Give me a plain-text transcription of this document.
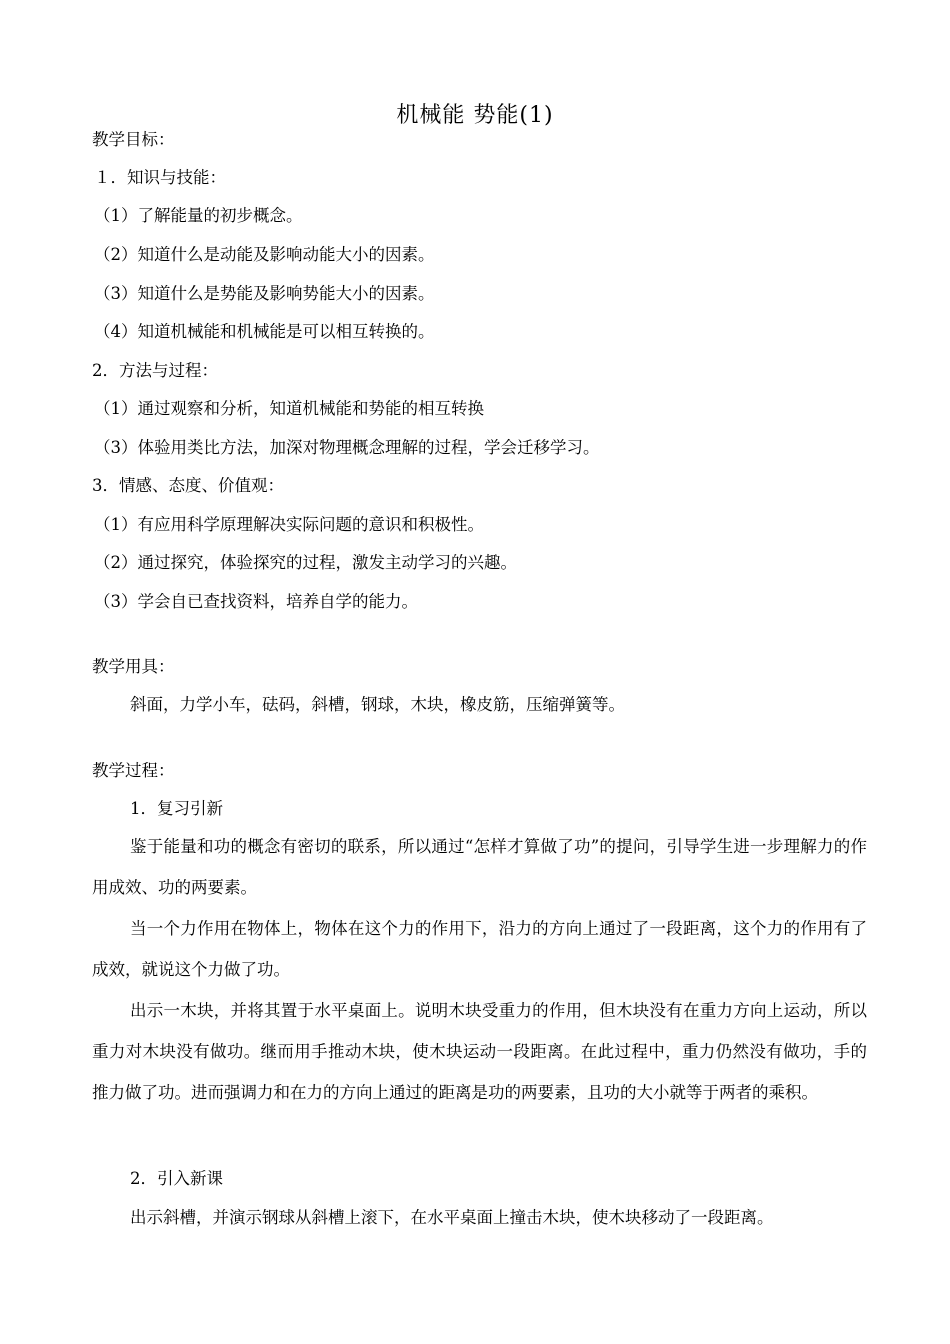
机械能 势能(1)
教学目标：
１．知识与技能：
（1）了解能量的初步概念。
（2）知道什么是动能及影响动能大小的因素。
（3）知道什么是势能及影响势能大小的因素。
（4）知道机械能和机械能是可以相互转换的。
2．方法与过程：
（1）通过观察和分析，知道机械能和势能的相互转换
（3）体验用类比方法，加深对物理概念理解的过程，学会迁移学习。
3．情感、态度、价值观：
（1）有应用科学原理解决实际问题的意识和积极性。
（2）通过探究，体验探究的过程，激发主动学习的兴趣。
（3）学会自已查找资料，培养自学的能力。
教学用具：
斜面，力学小车，砝码，斜槽，钢球，木块，橡皮筋，压缩弹簧等。
教学过程：
1．复习引新
鉴于能量和功的概念有密切的联系，所以通过“怎样才算做了功”的提问，引导学生进一步理解力的作用成效、功的两要素。
当一个力作用在物体上，物体在这个力的作用下，沿力的方向上通过了一段距离，这个力的作用有了成效，就说这个力做了功。
出示一木块，并将其置于水平桌面上。说明木块受重力的作用，但木块没有在重力方向上运动，所以重力对木块没有做功。继而用手推动木块，使木块运动一段距离。在此过程中，重力仍然没有做功，手的推力做了功。进而强调力和在力的方向上通过的距离是功的两要素，且功的大小就等于两者的乘积。
2．引入新课
出示斜槽，并演示钢球从斜槽上滚下，在水平桌面上撞击木块，使木块移动了一段距离。
